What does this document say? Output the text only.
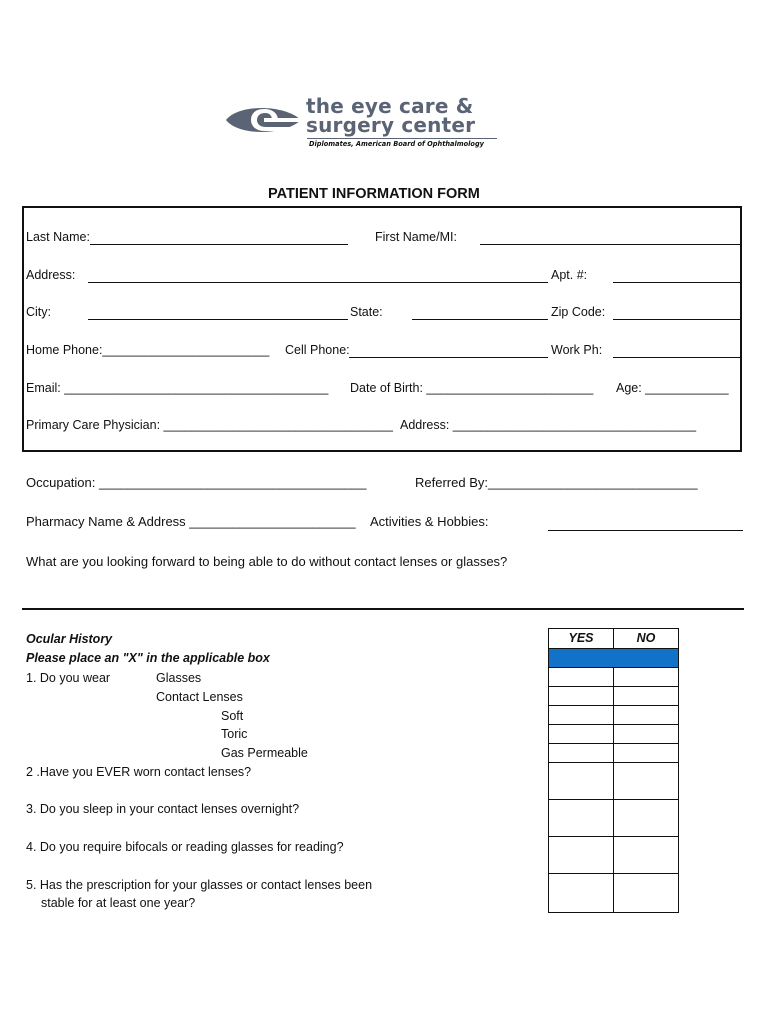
the eye care &
surgery center
Diplomates, American Board of Ophthalmology
PATIENT INFORMATION FORM
Last Name:	First Name/MI:
Address:	Apt. #:
City:	State:	Zip Code:
Home Phone:________________________ Cell Phone:	Work Ph:
Email: ______________________________________ Date of Birth: ________________________ Age: ____________
Primary Care Physician: _________________________________ Address: ___________________________________
Occupation: _____________________________________	Referred By:_____________________________
Pharmacy Name & Address _______________________ Activities & Hobbies:
What are you looking forward to being able to do without contact lenses or glasses?
Ocular History
Please place an "X" in the applicable box
1. Do you wear	Glasses
Contact Lenses
Soft
Toric
Gas Permeable
2 .Have you EVER worn contact lenses?
3. Do you sleep in your contact lenses overnight?
4. Do you require bifocals or reading glasses for reading?
5. Has the prescription for your glasses or contact lenses been
stable for at least one year?
YES	NO
